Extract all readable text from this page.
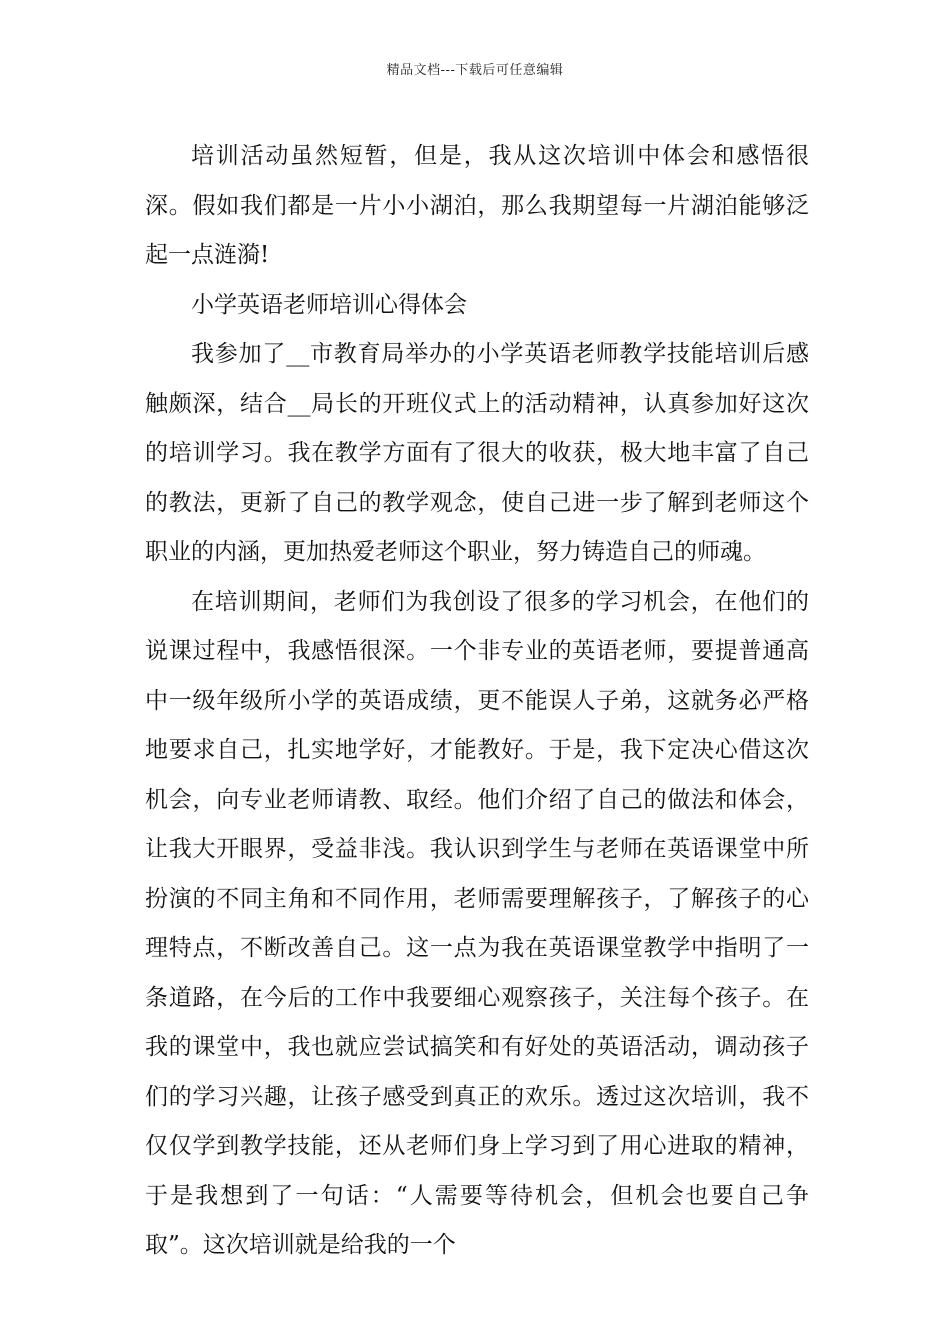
精品文档---下载后可任意编辑

培训活动虽然短暂，但是，我从这次培训中体会和感悟很深。假如我们都是一片小小湖泊，那么我期望每一片湖泊能够泛起一点涟漪!

小学英语老师培训心得体会

我参加了__市教育局举办的小学英语老师教学技能培训后感触颇深，结合__局长的开班仪式上的活动精神，认真参加好这次的培训学习。我在教学方面有了很大的收获，极大地丰富了自己的教法，更新了自己的教学观念，使自己进一步了解到老师这个职业的内涵，更加热爱老师这个职业，努力铸造自己的师魂。

在培训期间，老师们为我创设了很多的学习机会，在他们的说课过程中，我感悟很深。一个非专业的英语老师，要提普通高中一级年级所小学的英语成绩，更不能误人子弟，这就务必严格地要求自己，扎实地学好，才能教好。于是，我下定决心借这次机会，向专业老师请教、取经。他们介绍了自己的做法和体会，让我大开眼界，受益非浅。我认识到学生与老师在英语课堂中所扮演的不同主角和不同作用，老师需要理解孩子，了解孩子的心理特点，不断改善自己。这一点为我在英语课堂教学中指明了一条道路，在今后的工作中我要细心观察孩子，关注每个孩子。在我的课堂中，我也就应尝试搞笑和有好处的英语活动，调动孩子们的学习兴趣，让孩子感受到真正的欢乐。透过这次培训，我不仅仅学到教学技能，还从老师们身上学习到了用心进取的精神，于是我想到了一句话：“人需要等待机会，但机会也要自己争取”。这次培训就是给我的一个
